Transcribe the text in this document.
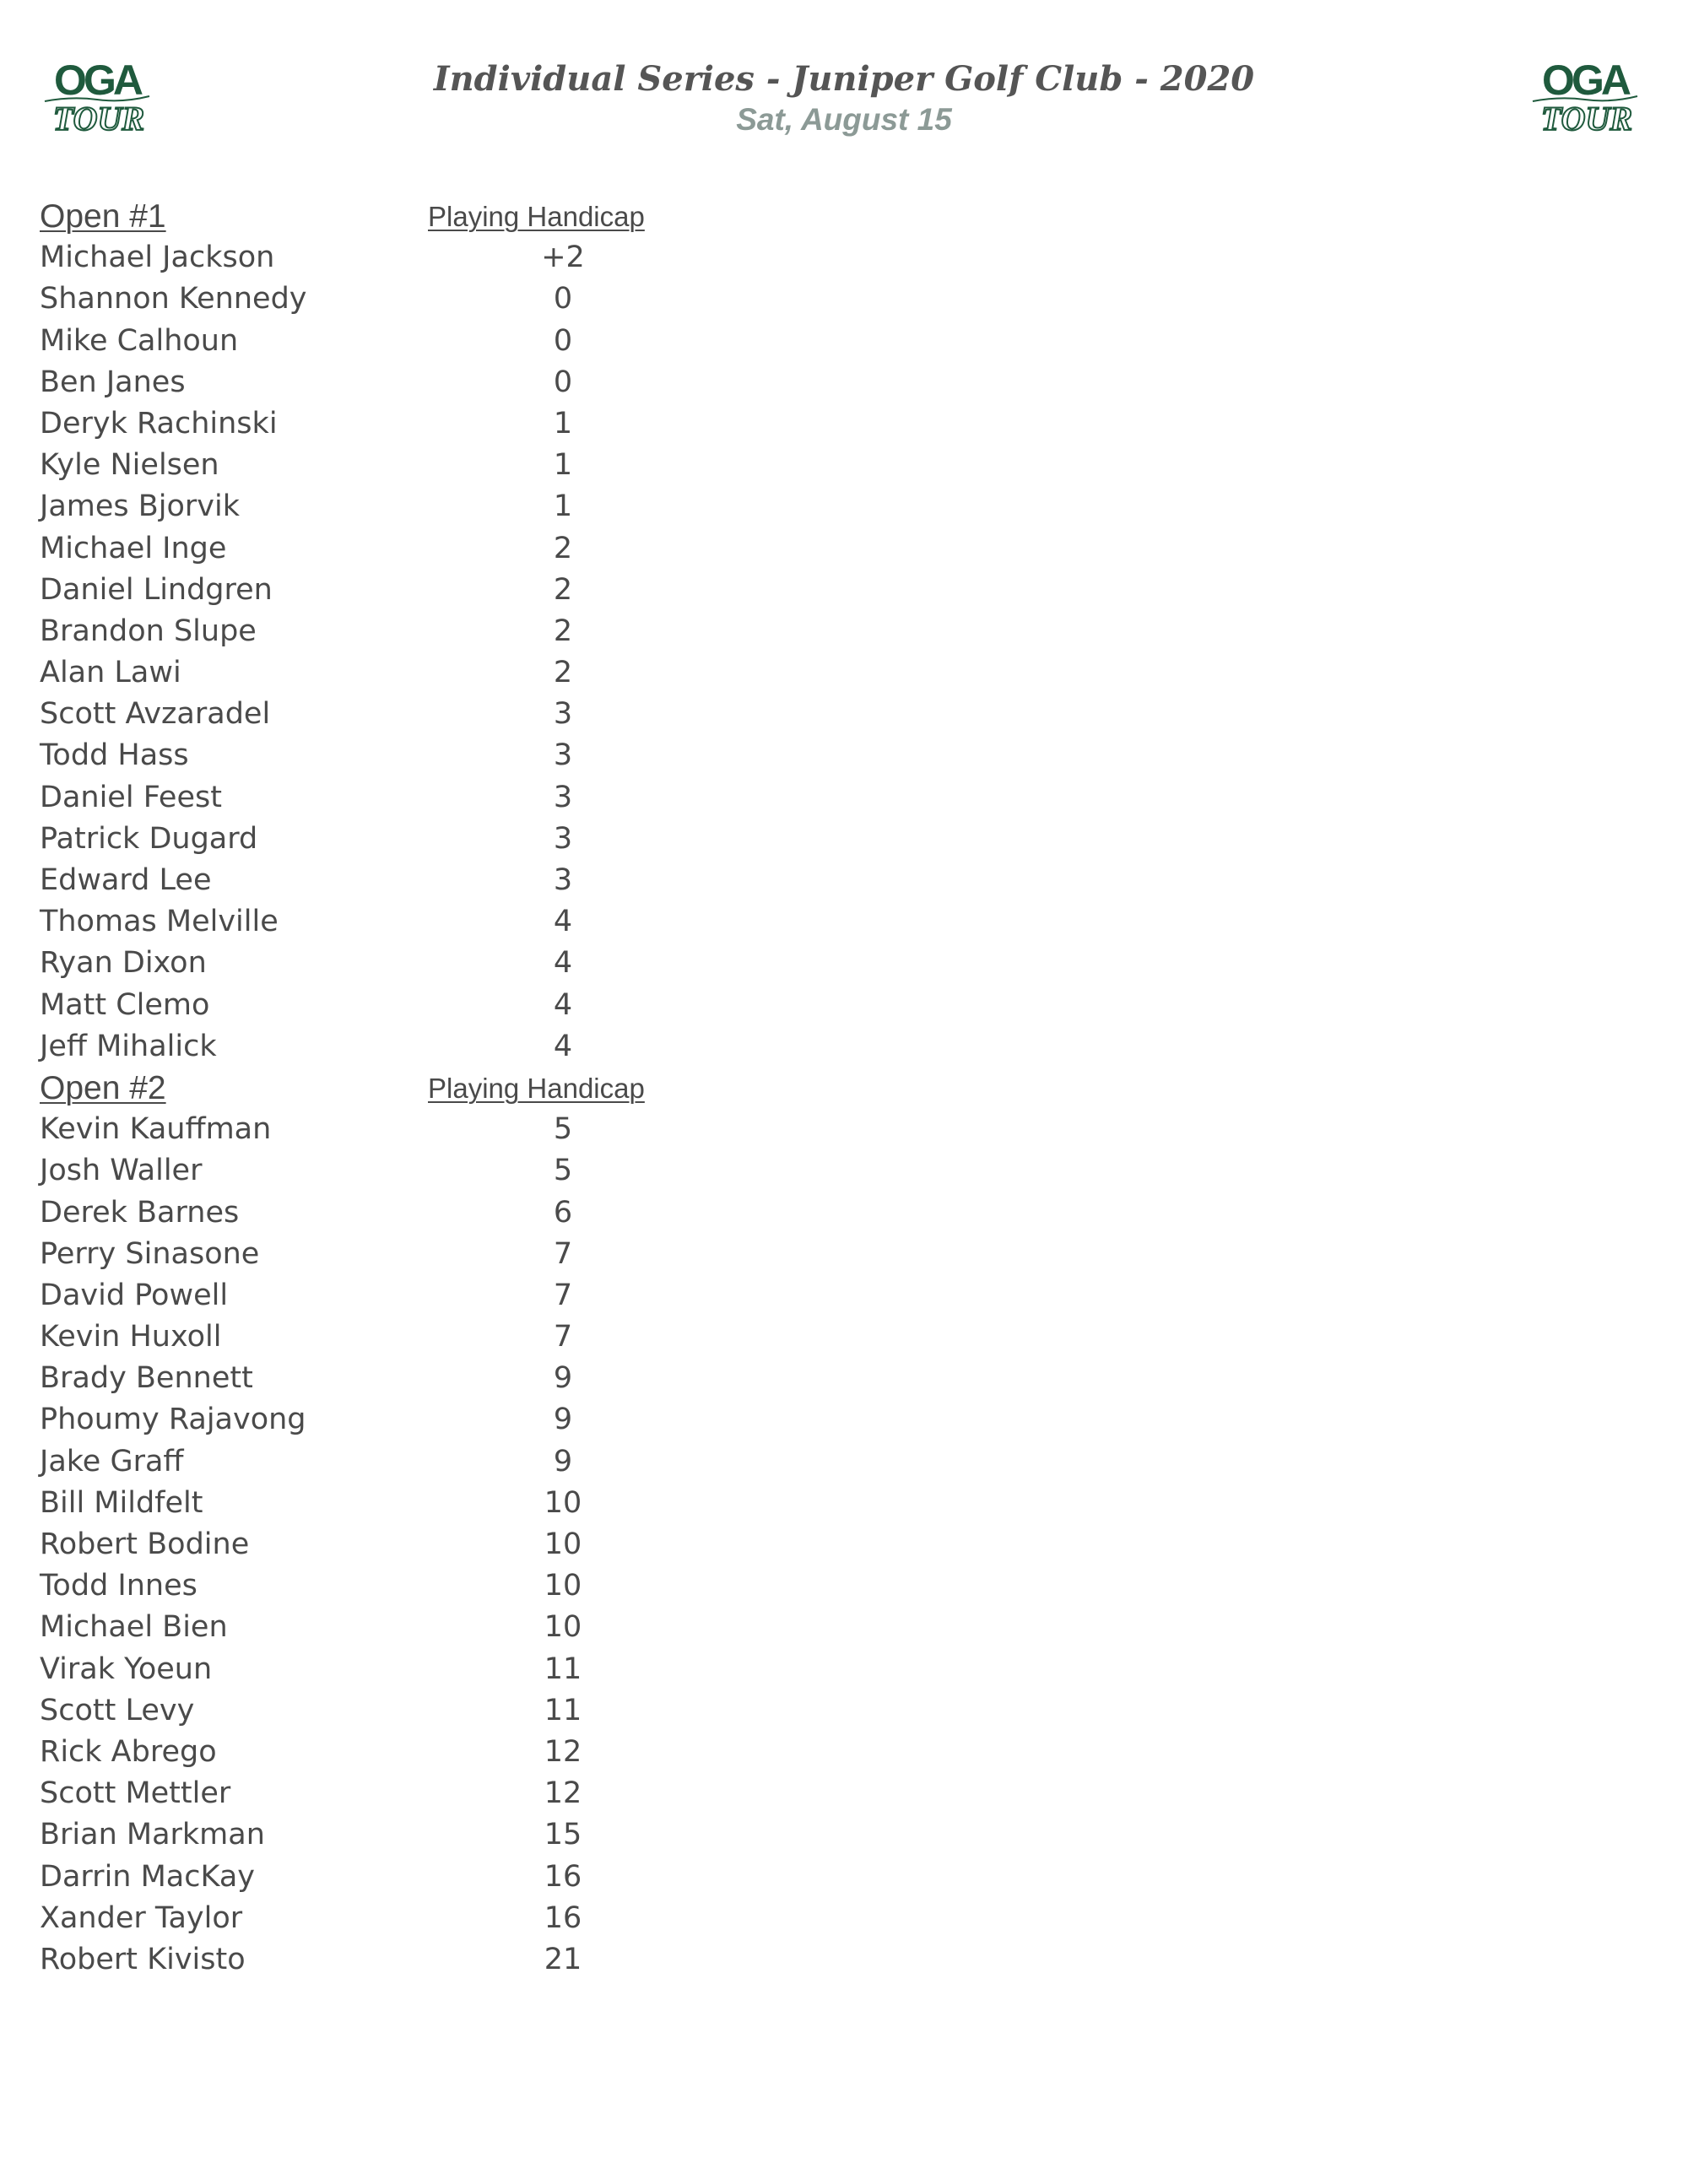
OGA
TOUR
Individual Series - Juniper Golf Club - 2020
Sat, August 15
OGA
TOUR
Open #1	Playing Handicap
Michael Jackson	+2
Shannon Kennedy	0
Mike Calhoun	0
Ben Janes	0
Deryk Rachinski	1
Kyle Nielsen	1
James Bjorvik	1
Michael Inge	2
Daniel Lindgren	2
Brandon Slupe	2
Alan Lawi	2
Scott Avzaradel	3
Todd Hass	3
Daniel Feest	3
Patrick Dugard	3
Edward Lee	3
Thomas Melville	4
Ryan Dixon	4
Matt Clemo	4
Jeff Mihalick	4
Open #2	Playing Handicap
Kevin Kauffman	5
Josh Waller	5
Derek Barnes	6
Perry Sinasone	7
David Powell	7
Kevin Huxoll	7
Brady Bennett	9
Phoumy Rajavong	9
Jake Graff	9
Bill Mildfelt	10
Robert Bodine	10
Todd Innes	10
Michael Bien	10
Virak Yoeun	11
Scott Levy	11
Rick Abrego	12
Scott Mettler	12
Brian Markman	15
Darrin MacKay	16
Xander Taylor	16
Robert Kivisto	21
